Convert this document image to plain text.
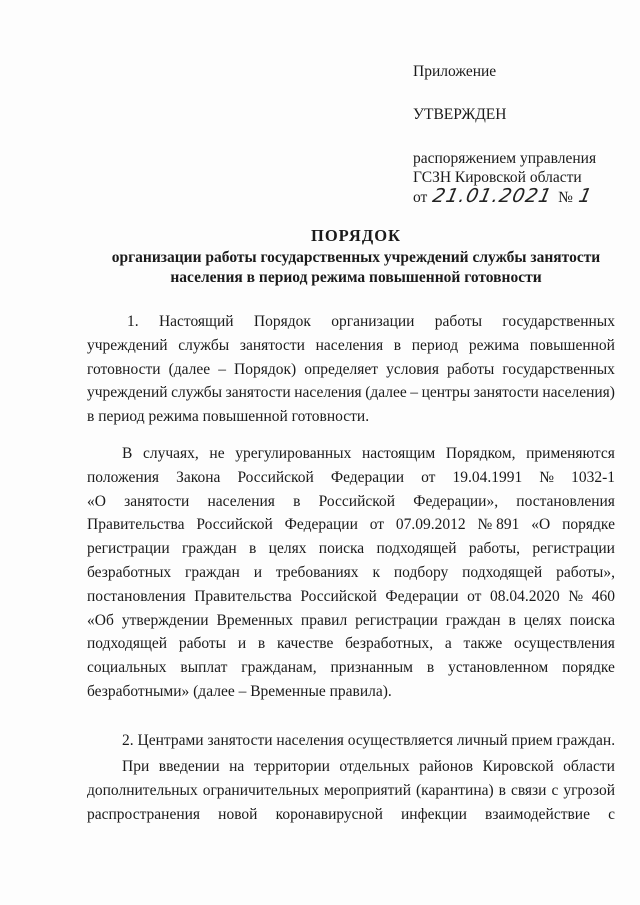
Приложение
УТВЕРЖДЕН
распоряжением управления
ГСЗН Кировской области
от 21.01.2021 № 1
ПОРЯДОК
организации работы государственных учреждений службы занятости
населения в период режима повышенной готовности
1. Настоящий Порядок организации работы государственных
учреждений службы занятости населения в период режима повышенной
готовности (далее – Порядок) определяет условия работы государственных
учреждений службы занятости населения (далее – центры занятости населения)
в период режима повышенной готовности.
В случаях, не урегулированных настоящим Порядком, применяются
положения Закона Российской Федерации от 19.04.1991 № 1032-1
«О занятости населения в Российской Федерации», постановления
Правительства Российской Федерации от 07.09.2012 № 891 «О порядке
регистрации граждан в целях поиска подходящей работы, регистрации
безработных граждан и требованиях к подбору подходящей работы»,
постановления Правительства Российской Федерации от 08.04.2020 № 460
«Об утверждении Временных правил регистрации граждан в целях поиска
подходящей работы и в качестве безработных, а также осуществления
социальных выплат гражданам, признанным в установленном порядке
безработными» (далее – Временные правила).
2. Центрами занятости населения осуществляется личный прием граждан.
При введении на территории отдельных районов Кировской области
дополнительных ограничительных мероприятий (карантина) в связи с угрозой
распространения новой коронавирусной инфекции взаимодействие с
